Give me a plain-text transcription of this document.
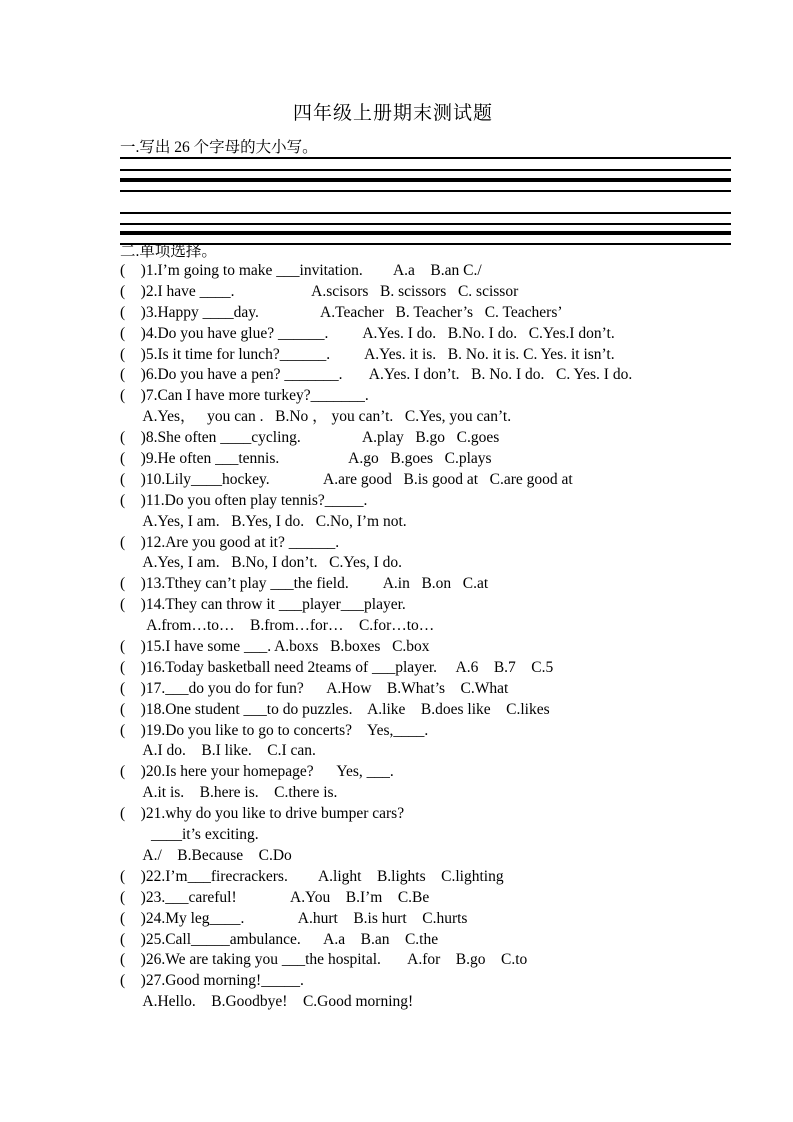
四年级上册期末测试题
一.写出 26 个字母的大小写。
二.单项选择。
(    )1.I’m going to make ___invitation.        A.a    B.an C./
(    )2.I have ____.                    A.scisors   B. scissors   C. scissor
(    )3.Happy ____day.                A.Teacher   B. Teacher’s   C. Teachers’
(    )4.Do you have glue? ______.         A.Yes. I do.   B.No. I do.   C.Yes.I don’t.
(    )5.Is it time for lunch?______.         A.Yes. it is.   B. No. it is. C. Yes. it isn’t.
(    )6.Do you have a pen? _______.       A.Yes. I don’t.   B. No. I do.   C. Yes. I do.
(    )7.Can I have more turkey?_______.
A.Yes，   you can .   B.No ， you can’t.   C.Yes, you can’t.
(    )8.She often ____cycling.                A.play   B.go   C.goes
(    )9.He often ___tennis.                  A.go   B.goes   C.plays
(    )10.Lily____hockey.              A.are good   B.is good at   C.are good at
(    )11.Do you often play tennis?_____.
A.Yes, I am.   B.Yes, I do.   C.No, I’m not.
(    )12.Are you good at it? ______.
A.Yes, I am.   B.No, I don’t.   C.Yes, I do.
(    )13.Tthey can’t play ___the field.         A.in   B.on   C.at
(    )14.They can throw it ___player___player.
A.from…to…    B.from…for…    C.for…to…
(    )15.I have some ___. A.boxs   B.boxes   C.box
(    )16.Today basketball need 2teams of ___player.     A.6    B.7    C.5
(    )17.___do you do for fun?      A.How    B.What’s    C.What
(    )18.One student ___to do puzzles.    A.like    B.does like    C.likes
(    )19.Do you like to go to concerts?    Yes,____.
A.I do.    B.I like.    C.I can.
(    )20.Is here your homepage?      Yes, ___.
A.it is.    B.here is.    C.there is.
(    )21.why do you like to drive bumper cars?
____it’s exciting.
A./    B.Because    C.Do
(    )22.I’m___firecrackers.        A.light    B.lights    C.lighting
(    )23.___careful!              A.You    B.I’m    C.Be
(    )24.My leg____.              A.hurt    B.is hurt    C.hurts
(    )25.Call_____ambulance.      A.a    B.an    C.the
(    )26.We are taking you ___the hospital.       A.for    B.go    C.to
(    )27.Good morning!_____.
A.Hello.    B.Goodbye!    C.Good morning!
